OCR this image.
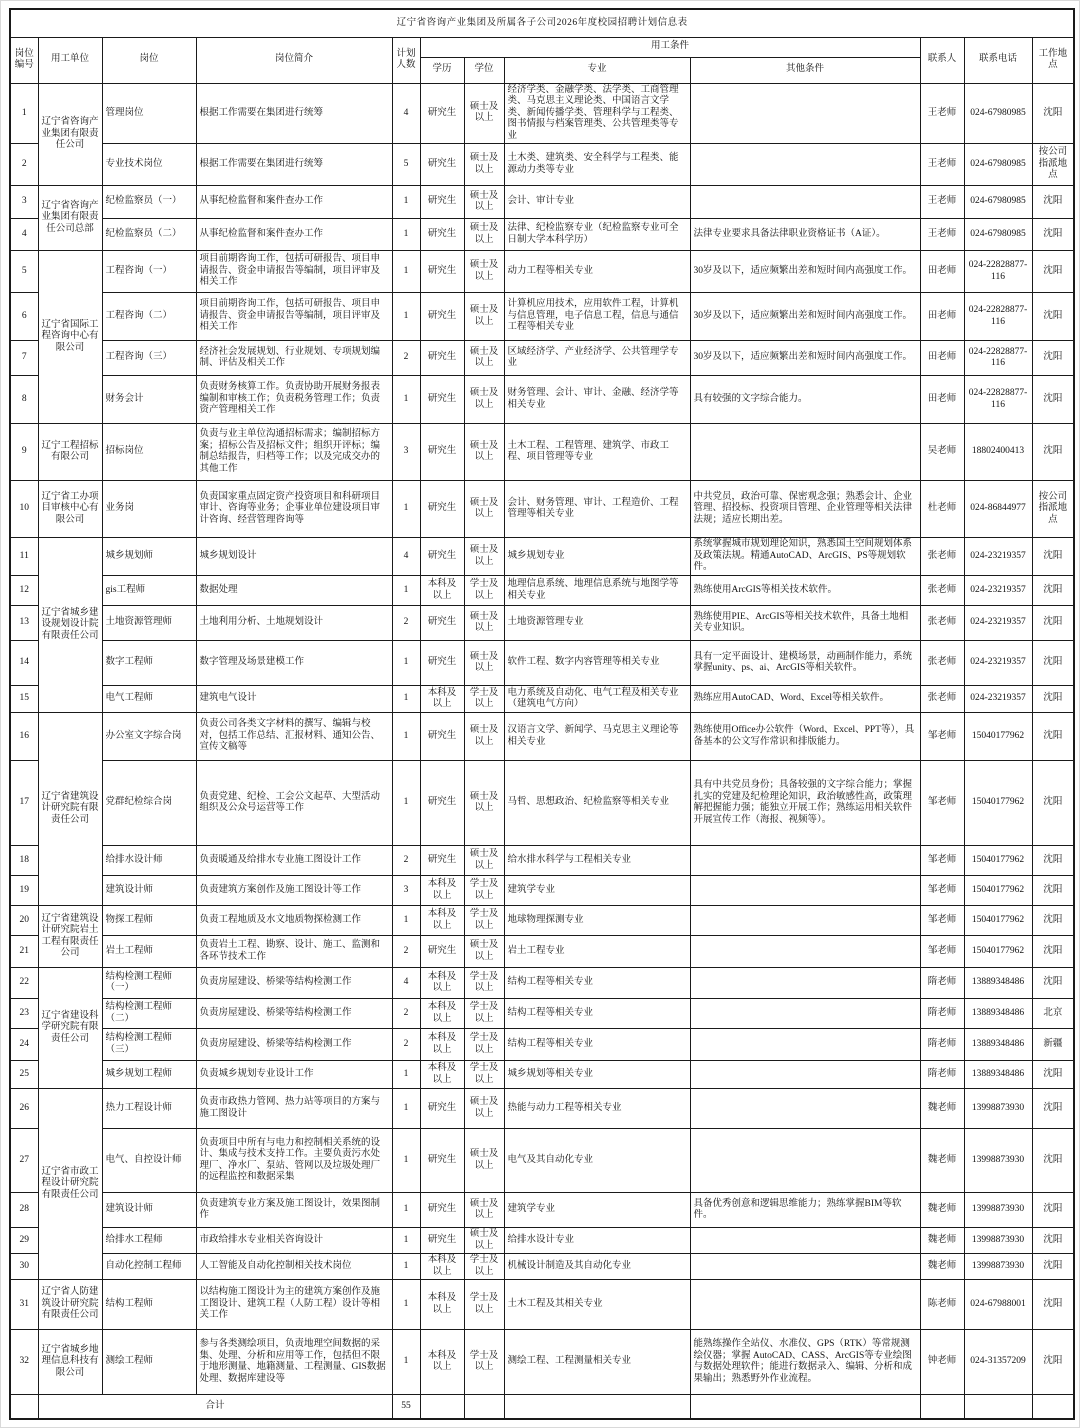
辽宁省咨询产业集团及所属各子公司2026年度校园招聘计划信息表											
岗位编号	用工单位	岗位	岗位简介	计划人数	用工条件				联系人	联系电话	工作地点
					学历	学位	专业	其他条件			
1	辽宁省咨询产业集团有限责任公司	管理岗位	根据工作需要在集团进行统筹	4	研究生	硕士及以上	经济学类、金融学类、法学类、工商管理类、马克思主义理论类、中国语言文学类、新闻传播学类、管理科学与工程类、图书情报与档案管理类、公共管理类等专业		王老师	024-67980985	沈阳
2		专业技术岗位	根据工作需要在集团进行统筹	5	研究生	硕士及以上	土木类、建筑类、安全科学与工程类、能源动力类等专业		王老师	024-67980985	按公司指派地点
3	辽宁省咨询产业集团有限责任公司总部	纪检监察员（一）	从事纪检监督和案件查办工作	1	研究生	硕士及以上	会计、审计专业		王老师	024-67980985	沈阳
4		纪检监察员（二）	从事纪检监督和案件查办工作	1	研究生	硕士及以上	法律、纪检监察专业（纪检监察专业可全日制大学本科学历）	法律专业要求具备法律职业资格证书（A证）。	王老师	024-67980985	沈阳
5	辽宁省国际工程咨询中心有限公司	工程咨询（一）	项目前期咨询工作，包括可研报告、项目申请报告、资金申请报告等编制，项目评审及相关工作	1	研究生	硕士及以上	动力工程等相关专业	30岁及以下，适应频繁出差和短时间内高强度工作。	田老师	024-22828877-116	沈阳
6		工程咨询（二）	项目前期咨询工作，包括可研报告、项目申请报告、资金申请报告等编制，项目评审及相关工作	1	研究生	硕士及以上	计算机应用技术，应用软件工程，计算机与信息管理，电子信息工程，信息与通信工程等相关专业	30岁及以下，适应频繁出差和短时间内高强度工作。	田老师	024-22828877-116	沈阳
7		工程咨询（三）	经济社会发展规划、行业规划、专项规划编制、评估及相关工作	2	研究生	硕士及以上	区域经济学、产业经济学、公共管理学专业	30岁及以下，适应频繁出差和短时间内高强度工作。	田老师	024-22828877-116	沈阳
8		财务会计	负责财务核算工作。负责协助开展财务报表编制和审核工作；负责税务管理工作；负责资产管理相关工作	1	研究生	硕士及以上	财务管理、会计、审计、金融、经济学等相关专业	具有较强的文字综合能力。	田老师	024-22828877-116	沈阳
9	辽宁工程招标有限公司	招标岗位	负责与业主单位沟通招标需求；编制招标方案；招标公告及招标文件；组织开评标；编制总结报告，归档等工作；以及完成交办的其他工作	3	研究生	硕士及以上	土木工程、工程管理、建筑学、市政工程、项目管理等专业		吴老师	18802400413	沈阳
10	辽宁省工办项目审核中心有限公司	业务岗	负责国家重点固定资产投资项目和科研项目审计、咨询等业务；企事业单位建设项目审计咨询、经营管理咨询等	1	研究生	硕士及以上	会计、财务管理、审计、工程造价、工程管理等相关专业	中共党员，政治可靠、保密观念强；熟悉会计、企业管理、招投标、投资项目管理、企业管理等相关法律法规；适应长期出差。	杜老师	024-86844977	按公司指派地点
11	辽宁省城乡建设规划设计院有限责任公司	城乡规划师	城乡规划设计	4	研究生	硕士及以上	城乡规划专业	系统掌握城市规划理论知识，熟悉国土空间规划体系及政策法规。精通AutoCAD、ArcGIS、PS等规划软件。	张老师	024-23219357	沈阳
12		gis工程师	数据处理	1	本科及以上	学士及以上	地理信息系统、地理信息系统与地图学等相关专业	熟练使用ArcGIS等相关技术软件。	张老师	024-23219357	沈阳
13		土地资源管理师	土地利用分析、土地规划设计	2	研究生	硕士及以上	土地资源管理专业	熟练使用PIE、ArcGIS等相关技术软件，具备土地相关专业知识。	张老师	024-23219357	沈阳
14		数字工程师	数字管理及场景建模工作	1	研究生	硕士及以上	软件工程、数字内容管理等相关专业	具有一定平面设计、建模场景，动画制作能力，系统掌握unity、ps、ai、ArcGIS等相关软件。	张老师	024-23219357	沈阳
15		电气工程师	建筑电气设计	1	本科及以上	学士及以上	电力系统及自动化、电气工程及相关专业（建筑电气方向）	熟练应用AutoCAD、Word、Excel等相关软件。	张老师	024-23219357	沈阳
16	辽宁省建筑设计研究院有限责任公司	办公室文字综合岗	负责公司各类文字材料的撰写、编辑与校对，包括工作总结、汇报材料、通知公告、宣传文稿等	1	研究生	硕士及以上	汉语言文学、新闻学、马克思主义理论等相关专业	熟练使用Office办公软件（Word、Excel、PPT等），具备基本的公文写作常识和排版能力。	邹老师	15040177962	沈阳
17		党群纪检综合岗	负责党建、纪检、工会公文起草、大型活动组织及公众号运营等工作	1	研究生	硕士及以上	马哲、思想政治、纪检监察等相关专业	具有中共党员身份；具备较强的文字综合能力；掌握扎实的党建及纪检理论知识，政治敏感性高，政策理解把握能力强；能独立开展工作；熟练运用相关软件开展宣传工作（海报、视频等）。	邹老师	15040177962	沈阳
18		给排水设计师	负责暖通及给排水专业施工图设计工作	2	研究生	硕士及以上	给水排水科学与工程相关专业		邹老师	15040177962	沈阳
19		建筑设计师	负责建筑方案创作及施工图设计等工作	3	本科及以上	学士及以上	建筑学专业		邹老师	15040177962	沈阳
20	辽宁省建筑设计研究院岩土工程有限责任公司	物探工程师	负责工程地质及水文地质物探检测工作	1	本科及以上	学士及以上	地球物理探测专业		邹老师	15040177962	沈阳
21		岩土工程师	负责岩土工程、勘察、设计、施工、监测和各环节技术工作	2	研究生	硕士及以上	岩土工程专业		邹老师	15040177962	沈阳
22	辽宁省建设科学研究院有限责任公司	结构检测工程师（一）	负责房屋建设、桥梁等结构检测工作	4	本科及以上	学士及以上	结构工程等相关专业		隋老师	13889348486	沈阳
23		结构检测工程师（二）	负责房屋建设、桥梁等结构检测工作	2	本科及以上	学士及以上	结构工程等相关专业		隋老师	13889348486	北京
24		结构检测工程师（三）	负责房屋建设、桥梁等结构检测工作	2	本科及以上	学士及以上	结构工程等相关专业		隋老师	13889348486	新疆
25		城乡规划工程师	负责城乡规划专业设计工作	1	本科及以上	学士及以上	城乡规划等相关专业		隋老师	13889348486	沈阳
26	辽宁省市政工程设计研究院有限责任公司	热力工程设计师	负责市政热力管网、热力站等项目的方案与施工图设计	1	研究生	硕士及以上	热能与动力工程等相关专业		魏老师	13998873930	沈阳
27		电气、自控设计师	负责项目中所有与电力和控制相关系统的设计、集成与技术支持工作。主要负责污水处理厂、净水厂、泵站、管网以及垃圾处理厂的远程监控和数据采集	1	研究生	硕士及以上	电气及其自动化专业		魏老师	13998873930	沈阳
28		建筑设计师	负责建筑专业方案及施工图设计，效果图制作	1	研究生	硕士及以上	建筑学专业	具备优秀创意和逻辑思维能力；熟练掌握BIM等软件。	魏老师	13998873930	沈阳
29		给排水工程师	市政给排水专业相关咨询设计	1	研究生	硕士及以上	给排水设计专业		魏老师	13998873930	沈阳
30		自动化控制工程师	人工智能及自动化控制相关技术岗位	1	本科及以上	学士及以上	机械设计制造及其自动化专业		魏老师	13998873930	沈阳
31	辽宁省人防建筑设计研究院有限责任公司	结构工程师	以结构施工图设计为主的建筑方案创作及施工图设计、建筑工程（人防工程）设计等相关工作	1	本科及以上	学士及以上	土木工程及其相关专业		陈老师	024-67988001	沈阳
32	辽宁省城乡地理信息科技有限公司	测绘工程师	参与各类测绘项目，负责地理空间数据的采集、处理、分析和应用等工作，包括但不限于地形测量、地籍测量、工程测量、GIS数据处理、数据库建设等	1	本科及以上	学士及以上	测绘工程、工程测量相关专业	能熟练操作全站仪、水准仪、GPS（RTK）等常规测绘仪器；掌握 AutoCAD、CASS、ArcGIS等专业绘图与数据处理软件；能进行数据录入、编辑、分析和成果输出；熟悉野外作业流程。	钟老师	024-31357209	沈阳
	合计			55							
